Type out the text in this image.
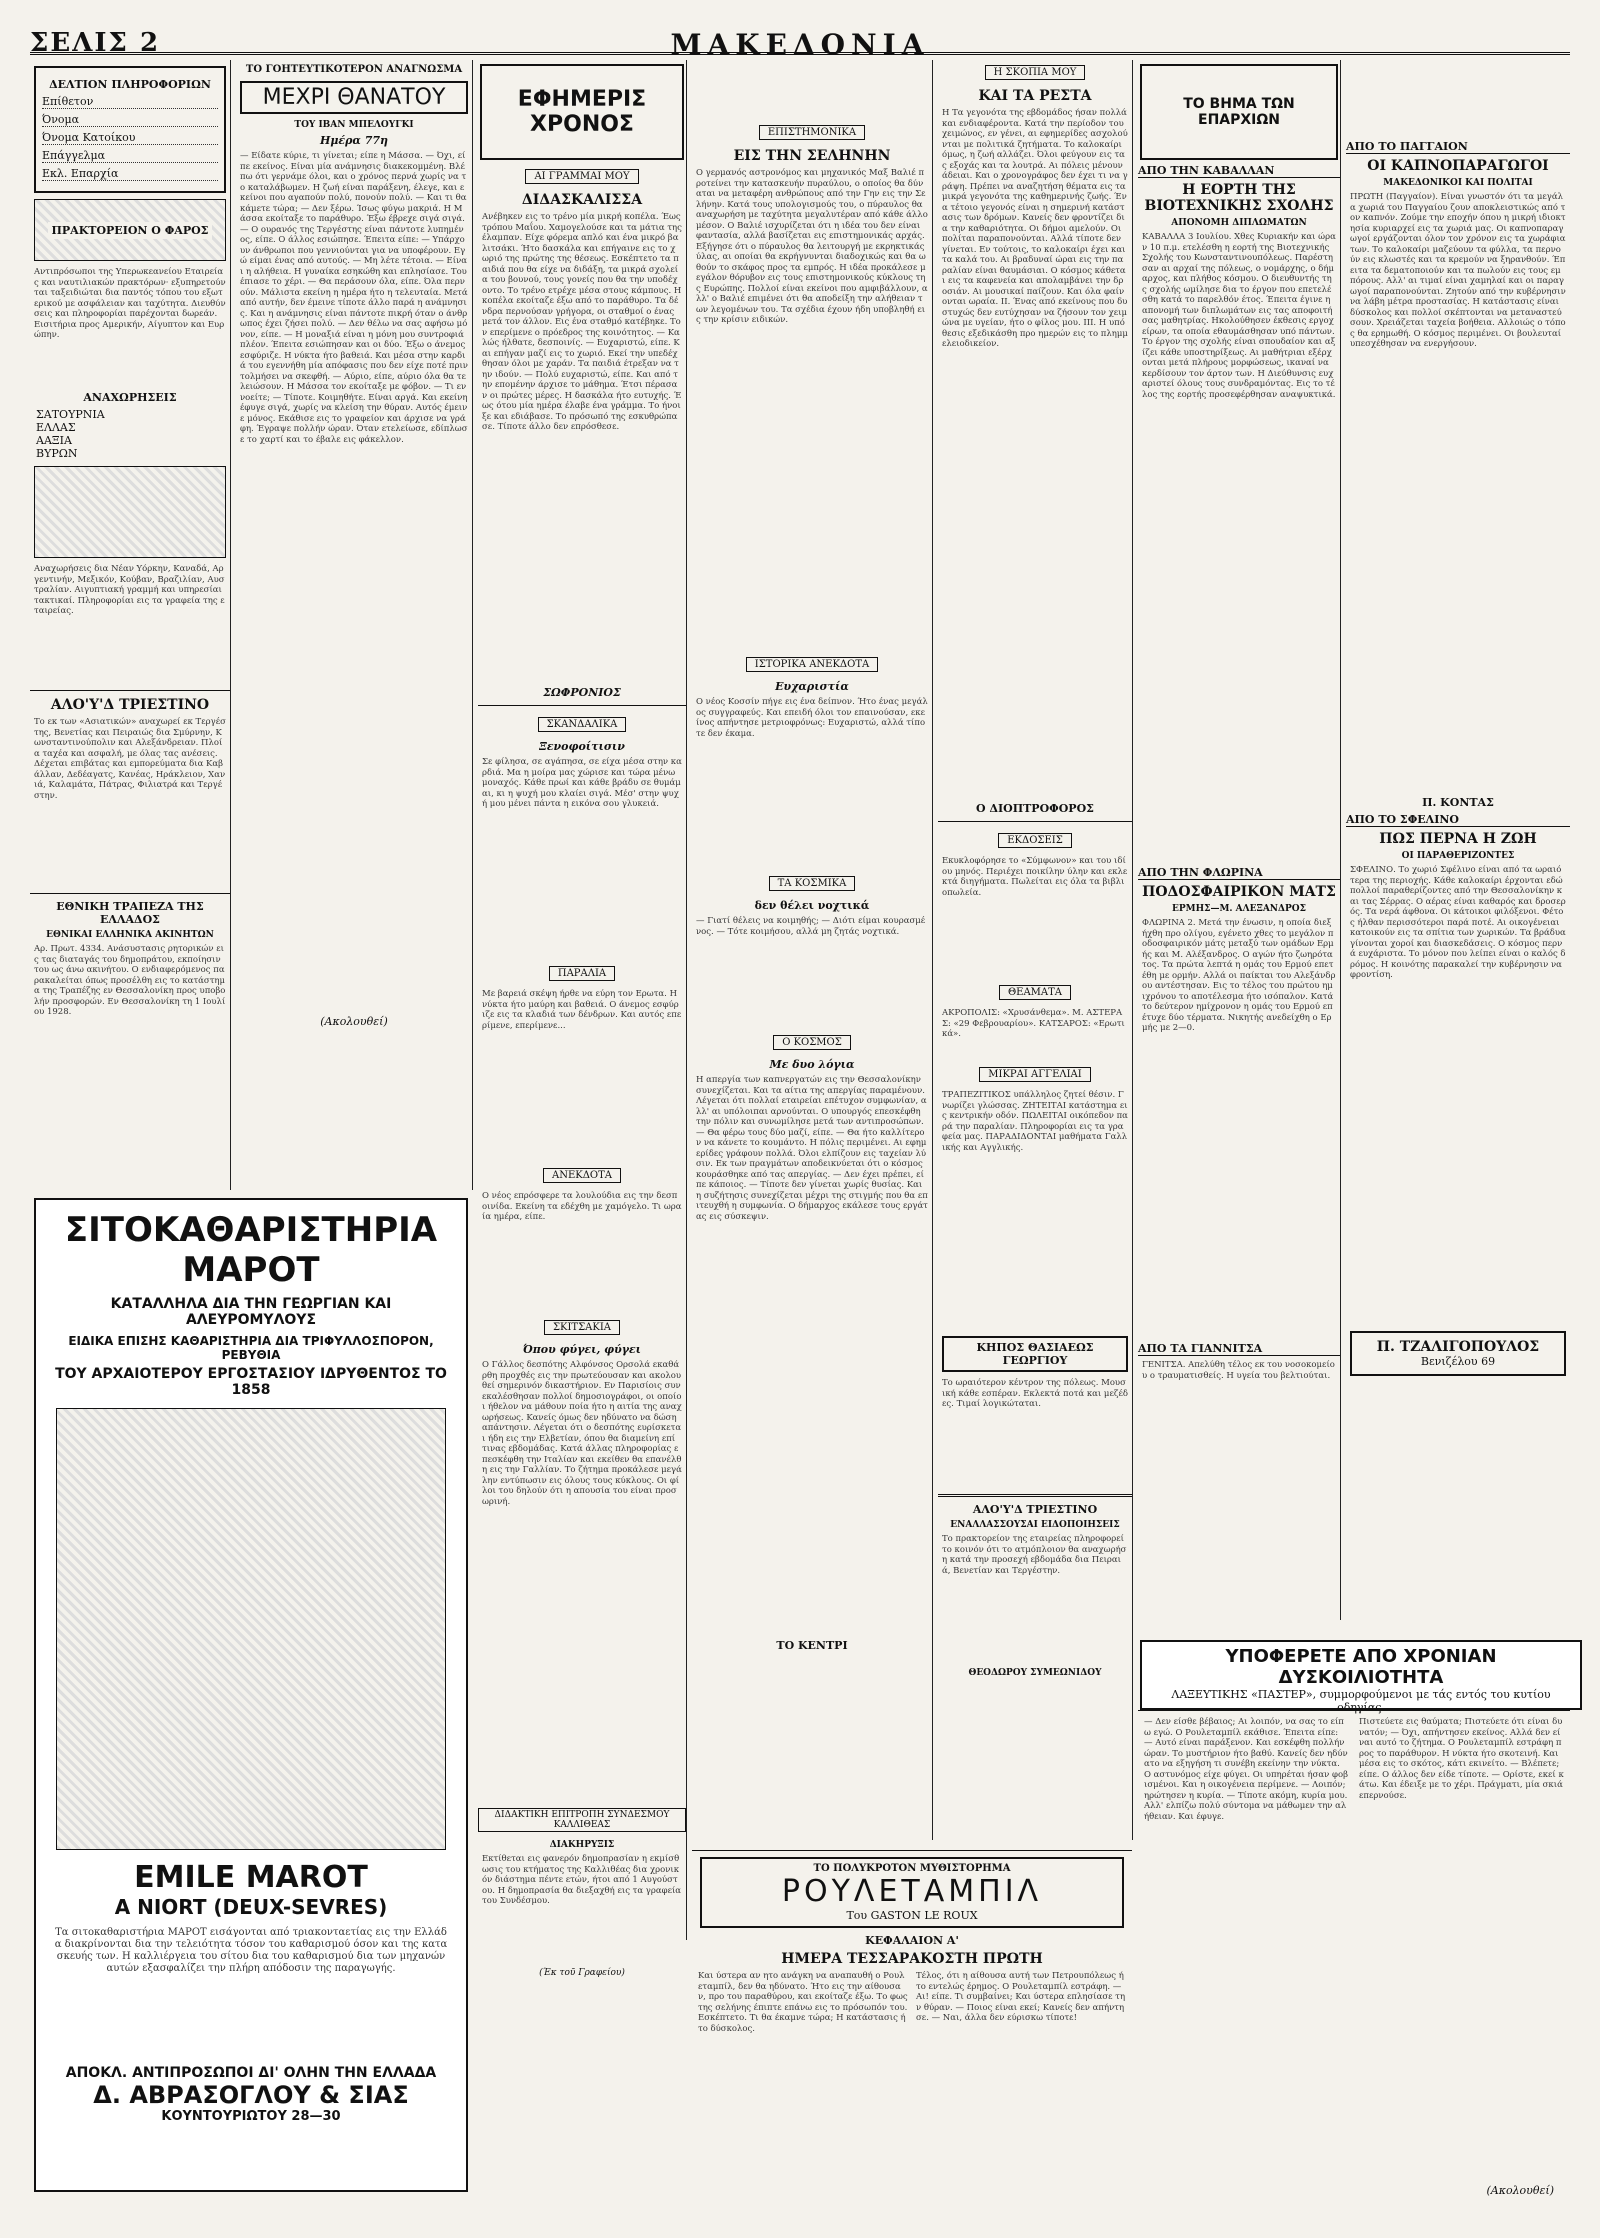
ΣΕΛΙΣ 2	ΜΑΚΕΔΟΝΙΑ
ΔΕΛΤΙΟΝ ΠΛΗΡΟΦΟΡΙΩΝ
Επίθετον
Όνομα
Όνομα Κατοίκου
Επάγγελμα
Εκλ. Επαρχία
ΠΡΑΚΤΟΡΕΙΟΝ Ο ΦΑΡΟΣ
Αντιπρόσωποι της Υπερωκεανείου Εταιρείας και ναυτιλιακών πρακτόρων· εξυπηρετούνται ταξειδιώται δια παντός τόπου του εξωτερικού με ασφάλειαν και ταχύτητα. Διευθύνσεις και πληροφορίαι παρέχονται δωρεάν. Εισιτήρια προς Αμερικήν, Αίγυπτον και Ευρώπην.
ΑΝΑΧΩΡΗΣΕΙΣ
ΣΑΤΟΥΡΝΙΑ
ΕΛΛΑΣ
ΑΑΞΙΑ
ΒΥΡΩΝ
Αναχωρήσεις δια Νέαν Υόρκην, Καναδά, Αργεντινήν, Μεξικόν, Κούβαν, Βραζιλίαν, Αυστραλίαν. Αιγυπτιακή γραμμή και υπηρεσίαι τακτικαί. Πληροφορίαι εις τα γραφεία της εταιρείας.
ΑΛΟ'Υ'Δ ΤΡΙΕΣΤΙΝΟ
Το εκ των «Ασιατικών» αναχωρεί εκ Τεργέστης, Βενετίας και Πειραιώς δια Σμύρνην, Κωνσταντινούπολιν και Αλεξάνδρειαν. Πλοία ταχέα και ασφαλή, με όλας τας ανέσεις. Δέχεται επιβάτας και εμπορεύματα δια Καβάλλαν, Δεδέαγατς, Κανέας, Ηράκλειον, Χανιά, Καλαμάτα, Πάτρας, Φιλιατρά και Τεργέστην.
ΕΘΝΙΚΗ ΤΡΑΠΕΖΑ ΤΗΣ ΕΛΛΑΔΟΣ
ΕΘΝΙΚΑΙ ΕΛΛΗΝΙΚΑ ΑΚΙΝΗΤΩΝ
Αρ. Πρωτ. 4334. Ανάσυστασις ρητορικών εις τας διαταγάς του δημοπράτου, εκποίησιν του ως άνω ακινήτου. Ο ενδιαφερόμενος παρακαλείται όπως προσέλθη εις το κατάστημα της Τραπέζης εν Θεσσαλονίκη προς υποβολήν προσφορών. Εν Θεσσαλονίκη τη 1 Ιουλίου 1928.
ΤΟ ΓΟΗΤΕΥΤΙΚΟΤΕΡΟΝ ΑΝΑΓΝΩΣΜΑ
ΜΕΧΡΙ ΘΑΝΑΤΟΥ
ΤΟΥ ΙΒΑΝ ΜΠΕΛΟΥΓΚΙ
Ημέρα 77η
— Είδατε κύριε, τι γίνεται; είπε η Μάσσα. — Όχι, είπε εκείνος. Είναι μία ανάμνησις διακεκομμένη. Βλέπω ότι γερνάμε όλοι, και ο χρόνος περνά χωρίς να το καταλάβωμεν. Η ζωή είναι παράξενη, έλεγε, και εκείνοι που αγαπούν πολύ, πονούν πολύ. — Και τι θα κάμετε τώρα; — Δεν ξέρω. Ίσως φύγω μακριά. Η Μάσσα εκοίταξε το παράθυρο. Έξω έβρεχε σιγά σιγά. — Ο ουρανός της Τεργέστης είναι πάντοτε λυπημένος, είπε. Ο άλλος εσιώπησε. Έπειτα είπε: — Υπάρχουν άνθρωποι που γεννιούνται για να υποφέρουν. Εγώ είμαι ένας από αυτούς. — Μη λέτε τέτοια. — Είναι η αλήθεια. Η γυναίκα εσηκώθη και επλησίασε. Του έπιασε το χέρι. — Θα περάσουν όλα, είπε. Όλα περνούν. Μάλιστα εκείνη η ημέρα ήτο η τελευταία. Μετά από αυτήν, δεν έμεινε τίποτε άλλο παρά η ανάμνησις. Και η ανάμνησις είναι πάντοτε πικρή όταν ο άνθρωπος έχει ζήσει πολύ. — Δεν θέλω να σας αφήσω μόνον, είπε. — Η μοναξιά είναι η μόνη μου συντροφιά πλέον. Έπειτα εσιώπησαν και οι δύο. Έξω ο άνεμος εσφύριζε. Η νύκτα ήτο βαθειά. Και μέσα στην καρδιά του εγεννήθη μία απόφασις που δεν είχε ποτέ πριν τολμήσει να σκεφθή. — Αύριο, είπε, αύριο όλα θα τελειώσουν. Η Μάσσα τον εκοίταξε με φόβον. — Τι εννοείτε; — Τίποτε. Κοιμηθήτε. Είναι αργά. Και εκείνη έφυγε σιγά, χωρίς να κλείση την θύραν. Αυτός έμεινε μόνος. Εκάθισε εις το γραφείον και άρχισε να γράφη. Έγραψε πολλήν ώραν. Όταν ετελείωσε, εδίπλωσε το χαρτί και το έβαλε εις φάκελλον.
(Ακολουθεί)
ΕΦΗΜΕΡΙΣ ΧΡΟΝΟΣ
ΑΙ ΓΡΑΜΜΑΙ ΜΟΥ
ΔΙΔΑΣΚΑΛΙΣΣΑ
Ανέβηκεν εις το τρένο μία μικρή κοπέλα. Έως τρόπου Μαΐου. Χαμογελούσε και τα μάτια της έλαμπαν. Είχε φόρεμα απλό και ένα μικρό βαλιτσάκι. Ήτο δασκάλα και επήγαινε εις το χωριό της πρώτης της θέσεως. Εσκέπτετο τα παιδιά που θα είχε να διδάξη, τα μικρά σχολεία του βουνού, τους γονείς που θα την υποδέχοντο. Το τρένο ετρέχε μέσα στους κάμπους. Η κοπέλα εκοίταζε έξω από το παράθυρο. Τα δένδρα περνούσαν γρήγορα, οι σταθμοί ο ένας μετά τον άλλον. Εις ένα σταθμό κατέβηκε. Τον επερίμενε ο πρόεδρος της κοινότητος. — Καλώς ήλθατε, δεσποινίς. — Ευχαριστώ, είπε. Και επήγαν μαζί εις το χωριό. Εκεί την υπεδέχθησαν όλοι με χαράν. Τα παιδιά έτρεξαν να την ιδούν. — Πολύ ευχαριστώ, είπε. Και από την επομένην άρχισε το μάθημα. Έτσι πέρασαν οι πρώτες μέρες. Η δασκάλα ήτο ευτυχής. Έως ότου μία ημέρα έλαβε ένα γράμμα. Το ήνοιξε και εδιάβασε. Το πρόσωπό της εσκυθρώπασε. Τίποτε άλλο δεν επρόσθεσε.
ΣΩΦΡΟΝΙΟΣ
ΣΚΑΝΔΑΛΙΚΑ
Ξενοφοίτισιν
Σε φίλησα, σε αγάπησα, σε είχα μέσα στην καρδιά. Μα η μοίρα μας χώρισε και τώρα μένω μοναχός. Κάθε πρωί και κάθε βράδυ σε θυμάμαι, κι η ψυχή μου κλαίει σιγά. Μέσ' στην ψυχή μου μένει πάντα η εικόνα σου γλυκειά.
ΠΑΡΑΛΙΑ
Με βαρειά σκέψη ήρθε να εύρη τον Ερωτα. Η νύκτα ήτο μαύρη και βαθειά. Ο άνεμος εσφύριζε εις τα κλαδιά των δένδρων. Και αυτός επερίμενε, επερίμενε...
ΑΝΕΚΔΟΤΑ
Ο νέος επρόσφερε τα λουλούδια εις την δεσποινίδα. Εκείνη τα εδέχθη με χαμόγελο. Τι ωραία ημέρα, είπε.
ΣΚΙΤΣΑΚΙΑ
Όπου φύγει, φύγει
Ο Γάλλος δεσπότης Αλφόνσος Ορσολά εκαθάρθη προχθές εις την πρωτεύουσαν και ακολουθεί σημερινόν δικαστήριον. Εν Παρισίοις συνεκαλέσθησαν πολλοί δημοσιογράφοι, οι οποίοι ήθελον να μάθουν ποία ήτο η αιτία της αναχωρήσεως. Κανείς όμως δεν ηδύνατο να δώση απάντησιν. Λέγεται ότι ο δεσπότης ευρίσκεται ήδη εις την Ελβετίαν, όπου θα διαμείνη επί τινας εβδομάδας. Κατά άλλας πληροφορίας επεσκέφθη την Ιταλίαν και εκείθεν θα επανέλθη εις την Γαλλίαν. Το ζήτημα προκάλεσε μεγάλην εντύπωσιν εις όλους τους κύκλους. Οι φίλοι του δηλούν ότι η απουσία του είναι προσωρινή.
ΔΙΔΑΚΤΙΚΗ ΕΠΙΤΡΟΠΗ ΣΥΝΔΕΣΜΟΥ ΚΑΛΛΙΘΕΑΣ
ΔΙΑΚΗΡΥΞΙΣ
Εκτίθεται εις φανερόν δημοπρασίαν η εκμίσθωσις του κτήματος της Καλλιθέας δια χρονικόν διάστημα πέντε ετών, ήτοι από 1 Αυγούστου. Η δημοπρασία θα διεξαχθή εις τα γραφεία του Συνδέσμου.
(Έκ τοῦ Γραφείου)
ΕΠΙΣΤΗΜΟΝΙΚΑ
ΕΙΣ ΤΗΝ ΣΕΛΗΝΗΝ
Ο γερμανός αστρονόμος και μηχανικός Μαξ Βαλιέ προτείνει την κατασκευήν πυραύλου, ο οποίος θα δύναται να μεταφέρη ανθρώπους από την Γην εις την Σελήνην. Κατά τους υπολογισμούς του, ο πύραυλος θα αναχωρήση με ταχύτητα μεγαλυτέραν από κάθε άλλο μέσον. Ο Βαλιέ ισχυρίζεται ότι η ιδέα του δεν είναι φαντασία, αλλά βασίζεται εις επιστημονικάς αρχάς. Εξήγησε ότι ο πύραυλος θα λειτουργή με εκρηκτικάς ύλας, αι οποίαι θα εκρήγνυνται διαδοχικώς και θα ωθούν το σκάφος προς τα εμπρός. Η ιδέα προκάλεσε μεγάλον θόρυβον εις τους επιστημονικούς κύκλους της Ευρώπης. Πολλοί είναι εκείνοι που αμφιβάλλουν, αλλ' ο Βαλιέ επιμένει ότι θα αποδείξη την αλήθειαν των λεγομένων του. Τα σχέδια έχουν ήδη υποβληθή εις την κρίσιν ειδικών.
ΙΣΤΟΡΙΚΑ ΑΝΕΚΔΟΤΑ
Ευχαριστία
Ο νέος Κοσσίν πήγε εις ένα δείπνον. Ήτο ένας μεγάλος συγγραφεύς. Και επειδή όλοι τον επαινούσαν, εκείνος απήντησε μετριοφρόνως: Ευχαριστώ, αλλά τίποτε δεν έκαμα.
ΤΑ ΚΟΣΜΙΚΑ
δεν θέλει νοχτικά
— Γιατί θέλεις να κοιμηθής; — Διότι είμαι κουρασμένος. — Τότε κοιμήσου, αλλά μη ζητάς νοχτικά.
Ο ΚΟΣΜΟΣ
Με δυο λόγια
Η απεργία των καπνεργατών εις την Θεσσαλονίκην συνεχίζεται. Και τα αίτια της απεργίας παραμένουν. Λέγεται ότι πολλαί εταιρείαι επέτυχον συμφωνίαν, αλλ' αι υπόλοιπαι αρνούνται. Ο υπουργός επεσκέφθη την πόλιν και συνωμίλησε μετά των αντιπροσώπων. — Θα φέρω τους δύο μαζί, είπε. — Θα ήτο καλλίτερον να κάνετε το κουμάντο. Η πόλις περιμένει. Αι εφημερίδες γράφουν πολλά. Όλοι ελπίζουν εις ταχείαν λύσιν. Εκ των πραγμάτων αποδεικνύεται ότι ο κόσμος κουράσθηκε από τας απεργίας. — Δεν έχει πρέπει, είπε κάποιος. — Τίποτε δεν γίνεται χωρίς θυσίας. Και η συζήτησις συνεχίζεται μέχρι της στιγμής που θα επιτευχθή η συμφωνία. Ο δήμαρχος εκάλεσε τους εργάτας εις σύσκεψιν.
ΤΟ ΚΕΝΤΡΙ
Η ΣΚΟΠΙΑ ΜΟΥ
ΚΑΙ ΤΑ ΡΕΣΤΑ
Η Τα γεγονότα της εβδομάδος ήσαν πολλά και ενδιαφέροντα. Κατά την περίοδον του χειμώνος, εν γένει, αι εφημερίδες ασχολούνται με πολιτικά ζητήματα. Το καλοκαίρι όμως, η ζωή αλλάζει. Όλοι φεύγουν εις τας εξοχάς και τα λουτρά. Αι πόλεις μένουν άδειαι. Και ο χρονογράφος δεν έχει τι να γράψη. Πρέπει να αναζητήση θέματα εις τα μικρά γεγονότα της καθημερινής ζωής. Ένα τέτοιο γεγονός είναι η σημερινή κατάστασις των δρόμων. Κανείς δεν φροντίζει δια την καθαριότητα. Οι δήμοι αμελούν. Οι πολίται παραπονούνται. Αλλά τίποτε δεν γίνεται. Εν τούτοις, το καλοκαίρι έχει και τα καλά του. Αι βραδυναί ώραι εις την παραλίαν είναι θαυμάσιαι. Ο κόσμος κάθεται εις τα καφενεία και απολαμβάνει την δροσιάν. Αι μουσικαί παίζουν. Και όλα φαίνονται ωραία. II. Ένας από εκείνους που δυστυχώς δεν ευτύχησαν να ζήσουν τον χειμώνα με υγείαν, ήτο ο φίλος μου. III. Η υπόθεσις εξεδικάσθη προ ημερών εις το πλημμελειοδικείον.
Ο ΔΙΟΠΤΡΟΦΟΡΟΣ
ΕΚΔΟΣΕΙΣ
Εκυκλοφόρησε το «Σύμφωνον» και του ιδίου μηνός. Περιέχει ποικίλην ύλην και εκλεκτά διηγήματα. Πωλείται εις όλα τα βιβλιοπωλεία.
ΘΕΑΜΑΤΑ
ΑΚΡΟΠΟΛΙΣ: «Χρυσάνθεμα». Μ. ΑΣΤΕΡΑΣ: «29 Φεβρουαρίου». ΚΑΤΣΑΡΟΣ: «Ερωτικά».
ΜΙΚΡΑΙ ΑΓΓΕΛΙΑΙ
ΤΡΑΠΕΖΙΤΙΚΟΣ υπάλληλος ζητεί θέσιν. Γνωρίζει γλώσσας. ΖΗΤΕΙΤΑΙ κατάστημα εις κεντρικήν οδόν. ΠΩΛΕΙΤΑΙ οικόπεδον παρά την παραλίαν. Πληροφορίαι εις τα γραφεία μας. ΠΑΡΑΔΙΔΟΝΤΑΙ μαθήματα Γαλλικής και Αγγλικής.
ΚΗΠΟΣ ΘΑΣΙΑΕΩΣ ΓΕΩΡΓΙΟΥ
Το ωραιότερον κέντρον της πόλεως. Μουσική κάθε εσπέραν. Εκλεκτά ποτά και μεζέδες. Τιμαί λογικώταται.
ΑΛΟ'Υ'Δ ΤΡΙΕΣΤΙΝΟ
ΕΝΑΛΛΑΣΣΟΥΣΑΙ ΕΙΔΟΠΟΙΗΣΕΙΣ
Το πρακτορείον της εταιρείας πληροφορεί το κοινόν ότι το ατμόπλοιον θα αναχωρήση κατά την προσεχή εβδομάδα δια Πειραιά, Βενετίαν και Τεργέστην.
ΘΕΟΔΩΡΟΥ ΣΥΜΕΩΝΙΔΟΥ
ΤΟ ΒΗΜΑ ΤΩΝ ΕΠΑΡΧΙΩΝ
ΑΠΟ ΤΗΝ ΚΑΒΑΛΛΑΝ
Η ΕΟΡΤΗ ΤΗΣ ΒΙΟΤΕΧΝΙΚΗΣ ΣΧΟΛΗΣ
ΑΠΟΝΟΜΗ ΔΙΠΛΩΜΑΤΩΝ
ΚΑΒΑΛΛΑ 3 Ιουλίου. Χθες Κυριακήν και ώραν 10 π.μ. ετελέσθη η εορτή της Βιοτεχνικής Σχολής του Κωνσταντινουπόλεως. Παρέστησαν αι αρχαί της πόλεως, ο νομάρχης, ο δήμαρχος, και πλήθος κόσμου. Ο διευθυντής της σχολής ωμίλησε δια το έργον που επετελέσθη κατά το παρελθόν έτος. Έπειτα έγινε η απονομή των διπλωμάτων εις τας αποφοιτήσας μαθητρίας. Ηκολούθησεν έκθεσις εργοχείρων, τα οποία εθαυμάσθησαν υπό πάντων. Το έργον της σχολής είναι σπουδαίον και αξίζει κάθε υποστηρίξεως. Αι μαθήτριαι εξέρχονται μετά πλήρους μορφώσεως, ικαναί να κερδίσουν τον άρτον των. Η Διεύθυνσις ευχαριστεί όλους τους συνδραμόντας. Εις το τέλος της εορτής προσεφέρθησαν αναψυκτικά.
ΑΠΟ ΤΗΝ ΦΛΩΡΙΝΑ
ΠΟΔΟΣΦΑΙΡΙΚΟΝ ΜΑΤΣ
ΕΡΜΗΣ—Μ. ΑΛΕΞΑΝΔΡΟΣ
ΦΛΩΡΙΝΑ 2. Μετά την ένωσιν, η οποία διεξήχθη προ ολίγου, εγένετο χθες το μεγάλον ποδοσφαιρικόν μάτς μεταξύ των ομάδων Ερμής και Μ. Αλέξανδρος. Ο αγών ήτο ζωηρότατος. Τα πρώτα λεπτά η ομάς του Ερμού επετέθη με ορμήν. Αλλά οι παίκται του Αλεξάνδρου αντέστησαν. Εις το τέλος του πρώτου ημιχρόνου το αποτέλεσμα ήτο ισόπαλον. Κατά το δεύτερον ημίχρονον η ομάς του Ερμού επέτυχε δύο τέρματα. Νικητής ανεδείχθη ο Ερμής με 2—0.
ΑΠΟ ΤΑ ΓΙΑΝΝΙΤΣΑ
ΓΕΝΙΤΣΑ. Απελύθη τέλος εκ του νοσοκομείου ο τραυματισθείς. Η υγεία του βελτιούται.
ΑΠΟ ΤΟ ΠΑΓΓΑΙΟΝ
ΟΙ ΚΑΠΝΟΠΑΡΑΓΩΓΟΙ
ΜΑΚΕΔΟΝΙΚΟΙ ΚΑΙ ΠΟΛΙΤΑΙ
ΠΡΩΤΗ (Παγγαίον). Είναι γνωστόν ότι τα μεγάλα χωριά του Παγγαίου ζουν αποκλειστικώς από τον καπνόν. Ζούμε την εποχήν όπου η μικρή ιδιοκτησία κυριαρχεί εις τα χωριά μας. Οι καπνοπαραγωγοί εργάζονται όλον τον χρόνον εις τα χωράφια των. Το καλοκαίρι μαζεύουν τα φύλλα, τα περνούν εις κλωστές και τα κρεμούν να ξηρανθούν. Έπειτα τα δεματοποιούν και τα πωλούν εις τους εμπόρους. Αλλ' αι τιμαί είναι χαμηλαί και οι παραγωγοί παραπονούνται. Ζητούν από την κυβέρνησιν να λάβη μέτρα προστασίας. Η κατάστασις είναι δύσκολος και πολλοί σκέπτονται να μεταναστεύσουν. Χρειάζεται ταχεία βοήθεια. Αλλοιώς ο τόπος θα ερημωθή. Ο κόσμος περιμένει. Οι βουλευταί υπεσχέθησαν να ενεργήσουν.
Π. ΚΟΝΤΑΣ
ΑΠΟ ΤΟ ΣΦΕΛΙΝΟ
ΠΩΣ ΠΕΡΝΑ Η ΖΩΗ
ΟΙ ΠΑΡΑΘΕΡΙΖΟΝΤΕΣ
ΣΦΕΛΙΝΟ. Το χωριό Σφέλινο είναι από τα ωραιότερα της περιοχής. Κάθε καλοκαίρι έρχονται εδώ πολλοί παραθερίζοντες από την Θεσσαλονίκην και τας Σέρρας. Ο αέρας είναι καθαρός και δροσερός. Τα νερά άφθονα. Οι κάτοικοι φιλόξενοι. Φέτος ήλθαν περισσότεροι παρά ποτέ. Αι οικογένειαι κατοικούν εις τα σπίτια των χωρικών. Τα βράδυα γίνονται χοροί και διασκεδάσεις. Ο κόσμος περνά ευχάριστα. Το μόνον που λείπει είναι ο καλός δρόμος. Η κοινότης παρακαλεί την κυβέρνησιν να φροντίση.
Π. ΤΖΑΛΙΓΟΠΟΥΛΟΣ
Βενιζέλου 69
ΣΙΤΟΚΑΘΑΡΙΣΤΗΡΙΑ ΜΑΡΟΤ
ΚΑΤΑΛΛΗΛΑ ΔΙΑ ΤΗΝ ΓΕΩΡΓΙΑΝ ΚΑΙ ΑΛΕΥΡΟΜΥΛΟΥΣ
ΕΙΔΙΚΑ ΕΠΙΣΗΣ ΚΑΘΑΡΙΣΤΗΡΙΑ ΔΙΑ ΤΡΙΦΥΛΛΟΣΠΟΡΟΝ, ΡΕΒΥΘΙΑ
ΤΟΥ ΑΡΧΑΙΟΤΕΡΟΥ ΕΡΓΟΣΤΑΣΙΟΥ ΙΔΡΥΘΕΝΤΟΣ ΤΟ 1858
EMILE MAROT
A NIORT (DEUX-SEVRES)
Τα σιτοκαθαριστήρια ΜΑΡΟΤ εισάγονται από τριακονταετίας εις την Ελλάδα διακρίνονται δια την τελειότητα τόσον του καθαρισμού όσον και της κατασκευής των. Η καλλιέργεια του σίτου δια του καθαρισμού δια των μηχανών αυτών εξασφαλίζει την πλήρη απόδοσιν της παραγωγής.
ΑΠΟΚΛ. ΑΝΤΙΠΡΟΣΩΠΟΙ ΔΙ' ΟΛΗΝ ΤΗΝ ΕΛΛΑΔΑ
Δ. ΑΒΡΑΣΟΓΛΟΥ & ΣΙΑΣ
ΚΟΥΝΤΟΥΡΙΩΤΟΥ 28—30
ΤΟ ΠΟΛΥΚΡΟΤΟΝ ΜΥΘΙΣΤΟΡΗΜΑ
ΡΟΥΛΕΤΑΜΠΙΛ
Του GASTON LE ROUX
ΚΕΦΑΛΑΙΟΝ Α'
ΗΜΕΡΑ ΤΕΣΣΑΡΑΚΟΣΤΗ ΠΡΩΤΗ
Και ύστερα αν ητο ανάγκη να αναπαυθή ο Ρουλεταμπίλ, δεν θα ηδύνατο. Ήτο εις την αίθουσαν, προ του παραθύρου, και εκοίταζε έξω. Το φως της σελήνης έπιπτε επάνω εις το πρόσωπόν του. Εσκέπτετο. Τι θα έκαμνε τώρα; Η κατάστασις ήτο δύσκολος.
Τέλος, ότι η αίθουσα αυτή των Πετρουπόλεως ήτο εντελώς έρημος. Ο Ρουλεταμπίλ εστράφη. — Αι! είπε. Τι συμβαίνει; Και ύστερα επλησίασε την θύραν. — Ποιος είναι εκεί; Κανείς δεν απήντησε. — Ναι, άλλα δεν εύρισκω τίποτε!
ΥΠΟΦΕΡΕΤΕ ΑΠΟ ΧΡΟΝΙΑΝ ΔΥΣΚΟΙΛΙΟΤΗΤΑ
ΛΑΞΕΥΤΙΚΗΣ «ΠΑΣΤΕΡ», συμμορφούμενοι με τάς εντός του κυτίου οδηγίας.
— Δεν είσθε βέβαιος; Αι λοιπόν, να σας το είπω εγώ. Ο Ρουλεταμπίλ εκάθισε. Έπειτα είπε: — Αυτό είναι παράξενον. Και εσκέφθη πολλήν ώραν. Το μυστήριον ήτο βαθύ. Κανείς δεν ηδύνατο να εξηγήση τι συνέβη εκείνην την νύκτα. Ο αστυνόμος είχε φύγει. Οι υπηρέται ήσαν φοβισμένοι. Και η οικογένεια περίμενε. — Λοιπόν; ηρώτησεν η κυρία. — Τίποτε ακόμη, κυρία μου. Αλλ' ελπίζω πολύ σύντομα να μάθωμεν την αλήθειαν. Και έφυγε.
Πιστεύετε εις θαύματα; Πιστεύετε ότι είναι δυνατόν; — Όχι, απήντησεν εκείνος. Αλλά δεν είναι αυτό το ζήτημα. Ο Ρουλεταμπίλ εστράφη προς το παράθυρον. Η νύκτα ήτο σκοτεινή. Και μέσα εις το σκότος, κάτι εκινείτο. — Βλέπετε; είπε. Ο άλλος δεν είδε τίποτε. — Ορίστε, εκεί κάτω. Και έδειξε με το χέρι. Πράγματι, μία σκιά επερνούσε.
(Ακολουθεί)
